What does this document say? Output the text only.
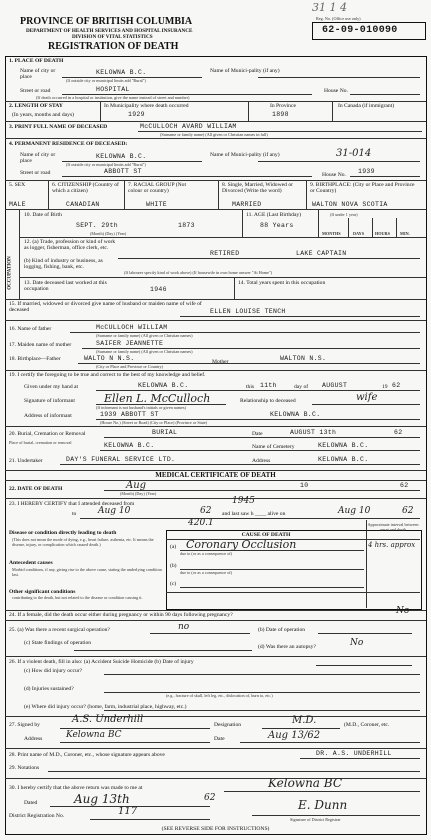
31 1 4
Reg. No. (Office use only)
62-09-010090
PROVINCE OF BRITISH COLUMBIA
DEPARTMENT OF HEALTH SERVICES AND HOSPITAL INSURANCE
DIVISION OF VITAL STATISTICS
REGISTRATION OF DEATH
1. PLACE OF DEATH
Name of city or place
KELOWNA B.C.
(If outside city or municipal limits add "Rural")
Name of Munici-pality (if any)
Street or road	HOSPITAL	House No.
(If death occurred in a hospital or institution, give the name instead of street and number)
2. LENGTH OF STAY
(In years, months and days)
In Municipality where death occurred
1929
In Province
1898
In Canada (if immigrant)
3. PRINT FULL NAME OF DECEASED	McCULLOCH AVARD WILLIAM
(Surname or family name) (All given or Christian names in full)
4. PERMANENT RESIDENCE OF DECEASED:
Name of city or place
KELOWNA B.C.
(If outside city or municipal limits add "Rural")
Name of Munici-pality (if any)	31-014
Street or road	ABBOTT ST	House No. 1939
5. SEX	6. CITIZENSHIP (Country of which a citizen)
7. RACIAL GROUP (Not colour or country)
8. Single, Married, Widowed or Divorced (Write the word)
9. BIRTHPLACE: (City or Place and Province or Country)
MALE	CANADIAN	WHITE	MARRIED	WALTON NOVA SCOTIA
10. Date of Birth
SEPT. 29th	1873
(Month) (Day) (Year)
11. AGE (Last Birthday)
88 Years
(If under 1 year)
MONTHS	DAYS	HOURS MIN.
OCCUPATION
12. (a) Trade, profession or kind of work as logger, fisherman, office clerk, etc.
(b) Kind of industry or business, as logging, fishing, bank, etc.
RETIRED	LAKE CAPTAIN
(If labourer specify kind of work above) (If housewife in own home answer "At Home")
13. Date deceased last worked at this occupation	1946
14. Total years spent in this occupation
15. If married, widowed or divorced give name of husband or maiden name of wife of deceased	ELLEN LOUISE TENCH
16. Name of father	McCULLOCH WILLIAM
(Surname or family name) (All given or Christian names)
17. Maiden name of mother	SAIFER JEANNETTE
(Surname or family name) (All given or Christian names)
18. Birthplace—Father	WALTO N N.S.	Mother	WALTON N.S.
(City or Place and Province or Country)
19. I certify the foregoing to be true and correct to the best of my knowledge and belief.
Given under my hand at	KELOWNA B.C.	this 11th	day of AUGUST	19 62
Signature of informant	Ellen L. McCulloch
(If informant is not husband's initials or given names)
Relationship to deceased	wife
Address of informant	1939 ABBOTT ST	KELOWNA B.C.
(House No.) (Street or Road) (City or Place) (Province or State)
20. Burial, Cremation or Removal	BURIAL	Date	AUGUST 13th	62
Place of burial, cremation or removal	KELOWNA B.C.	Name of Cemetery	KELOWNA B.C.
21. Undertaker	DAY'S FUNERAL SERVICE LTD.	Address	KELOWNA B.C.
MEDICAL CERTIFICATE OF DEATH
22. DATE OF DEATH	Aug	10	62
(Month) (Day) (Year)
23. I HEREBY CERTIFY that I attended deceased from	1945
to Aug 10	62 and last saw h ____ alive on	Aug 10	62
420.1
CAUSE OF DEATH
Approximate interval between onset and death
Disease or condition directly leading to death
(This does not mean the mode of dying, e.g., heart failure, asthenia, etc. It means the disease, injury, or complication which caused death.)	(a) Coronary Occlusion	4 hrs. approx
due to (or as a consequence of)
Antecedent causes
Morbid conditions, if any, giving rise to the above cause, stating the underlying condition last.
(b)
due to (or as a consequence of)
(c)
Other significant conditions
contributing to the death, but not related to the disease or condition causing it.
24. If a female, did the death occur either during pregnancy or within 90 days following pregnancy?	No
25. (a) Was there a recent surgical operation?	no	(b) Date of operation
(c) State findings of operation
(d) Was there an autopsy?	No
26. If a violent death, fill in also: (a) Accident Suicide Homicide (b) Date of injury
(c) How did injury occur?
(d) Injuries sustained?
(e.g., fracture of skull, left leg, etc., dislocation of, burn to, etc.)
(e) Where did injury occur? (home, farm, industrial place, highway, etc.)
27. Signed by	A.S. Underhill	Designation	M.D.	(M.D., Coroner, etc.
Address	Kelowna BC	Date	Aug 13/62
28. Print name of M.D., Coroner, etc., whose signature appears above	DR. A.S. UNDERHILL
29. Notations
30. I hereby certify that the above return was made to me at	Kelowna BC
Dated	Aug 13th	62
District Registration No.	117	E. Dunn
Signature of District Registrar
(SEE REVERSE SIDE FOR INSTRUCTIONS)
